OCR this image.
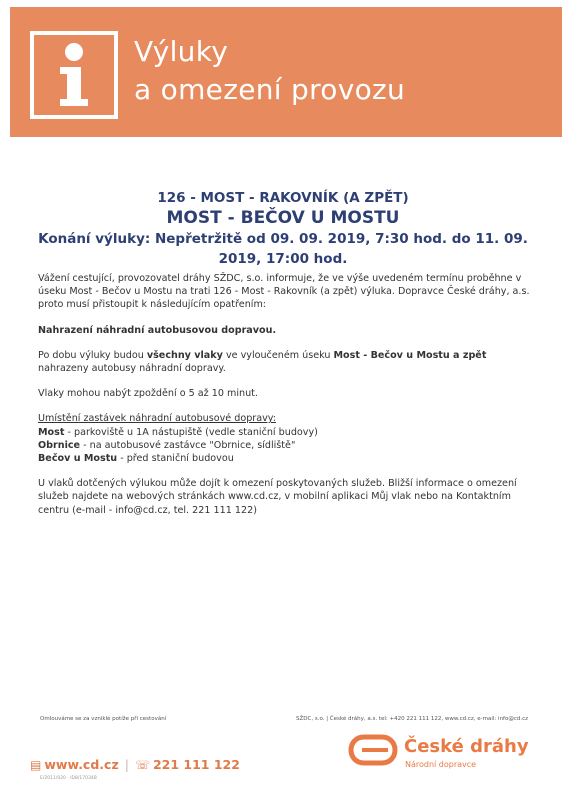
Výluky
a omezení provozu
126 - MOST - RAKOVNÍK (A ZPĚT)
MOST - BEČOV U MOSTU
Konání výluky: Nepřetržitě od 09. 09. 2019, 7:30 hod. do 11. 09. 2019, 17:00 hod.

Vážení cestující, provozovatel dráhy SŽDC, s.o. informuje, že ve výše uvedeném termínu proběhne v úseku Most - Bečov u Mostu na trati 126 - Most - Rakovník (a zpět) výluka. Dopravce České dráhy, a.s. proto musí přistoupit k následujícím opatřením:

Nahrazení náhradní autobusovou dopravou.

Po dobu výluky budou všechny vlaky ve vyloučeném úseku Most - Bečov u Mostu a zpět nahrazeny autobusy náhradní dopravy.

Vlaky mohou nabýt zpoždění o 5 až 10 minut.

Umístění zastávek náhradní autobusové dopravy:
Most - parkoviště u 1A nástupiště (vedle staniční budovy)
Obrnice - na autobusové zastávce "Obrnice, sídliště"
Bečov u Mostu - před staniční budovou

U vlaků dotčených výlukou může dojít k omezení poskytovaných služeb. Bližší informace o omezení služeb najdete na webových stránkách www.cd.cz, v mobilní aplikaci Můj vlak nebo na Kontaktním centru (e-mail - info@cd.cz, tel. 221 111 122)

Omlouváme se za vzniklé potíže při cestování	SŽDC, s.o. | České dráhy, a.s. tel: +420 221 111 122, www.cd.cz, e-mail: info@cd.cz
▤ www.cd.cz | ☏ 221 111 122
E/2011/020 · ID8/17034B
České dráhy
Národní dopravce
